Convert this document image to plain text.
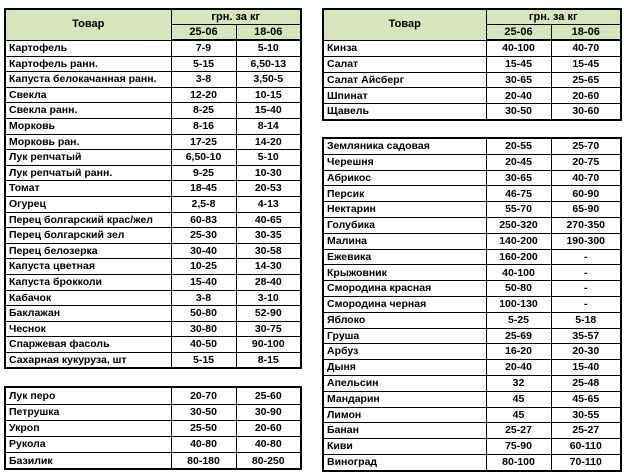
Товар	грн. за кг	
	25-06	18-06
Картофель	7-9	5-10
Картофель ранн.	5-15	6,50-13
Капуста белокачанная ранн.	3-8	3,50-5
Свекла	12-20	10-15
Свекла ранн.	8-25	15-40
Морковь	8-16	8-14
Морковь ран.	17-25	14-20
Лук репчатый	6,50-10	5-10
Лук репчатый ранн.	9-25	10-30
Томат	18-45	20-53
Огурец	2,5-8	4-13
Перец болгарский крас/жел	60-83	40-65
Перец болгарский зел	25-30	30-35
Перец белозерка	30-40	30-58
Капуста цветная	10-25	14-30
Капуста брокколи	15-40	28-40
Кабачок	3-8	3-10
Баклажан	50-80	52-90
Чеснок	30-80	30-75
Спаржевая фасоль	40-50	90-100
Сахарная кукуруза, шт	5-15	8-15
Лук перо	20-70	25-60
Петрушка	30-50	30-90
Укроп	25-50	20-60
Рукола	40-80	40-80
Базилик	80-180	80-250
Товар	грн. за кг	
	25-06	18-06
Кинза	40-100	40-70
Салат	15-45	15-45
Салат Айсберг	30-65	25-65
Шпинат	20-40	20-60
Щавель	30-50	30-60
Земляника садовая	20-55	25-70
Черешня	20-45	20-75
Абрикос	30-65	40-70
Персик	46-75	60-90
Нектарин	55-70	65-90
Голубика	250-320	270-350
Малина	140-200	190-300
Ежевика	160-200	-
Крыжовник	40-100	-
Смородина красная	50-80	-
Смородина черная	100-130	-
Яблоко	5-25	5-18
Груша	25-69	35-57
Арбуз	16-20	20-30
Дыня	20-40	15-40
Апельсин	32	25-48
Мандарин	45	45-65
Лимон	45	30-55
Банан	25-27	25-27
Киви	75-90	60-110
Виноград	80-100	70-110
